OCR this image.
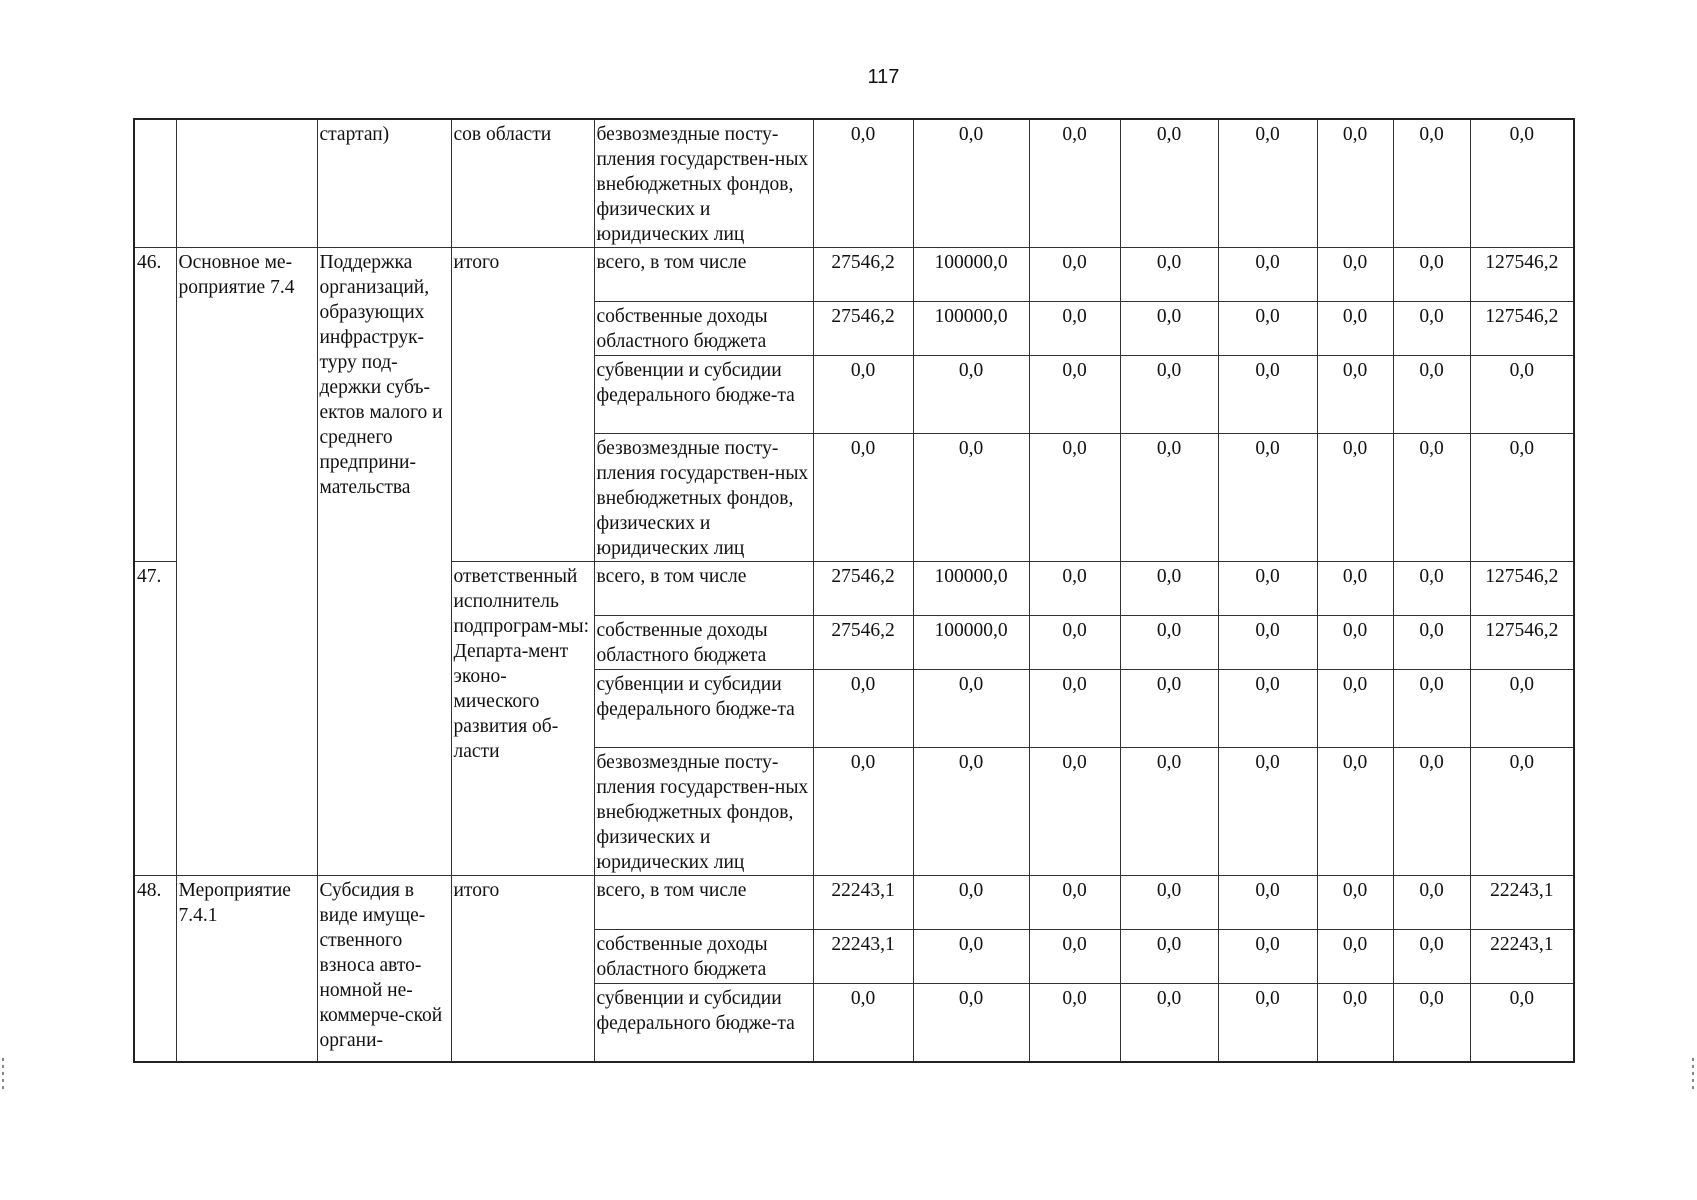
117
		стартап)	сов области	безвозмездные посту-пления государствен-ных внебюджетных фондов, физических и юридических лиц	0,0	0,0	0,0	0,0	0,0	0,0	0,0	0,0
46.	Основное ме-роприятие 7.4	Поддержка организаций, образующих инфраструк-туру под-держки субъ-ектов малого и среднего предприни-мательства	итого	всего, в том числе	27546,2	100000,0	0,0	0,0	0,0	0,0	0,0	127546,2
				собственные доходы областного бюджета	27546,2	100000,0	0,0	0,0	0,0	0,0	0,0	127546,2
				субвенции и субсидии федерального бюдже-та	0,0	0,0	0,0	0,0	0,0	0,0	0,0	0,0
				безвозмездные посту-пления государствен-ных внебюджетных фондов, физических и юридических лиц	0,0	0,0	0,0	0,0	0,0	0,0	0,0	0,0
47.			ответственный исполнитель подпрограм-мы: Департа-мент эконо-мического развития об-ласти	всего, в том числе	27546,2	100000,0	0,0	0,0	0,0	0,0	0,0	127546,2
				собственные доходы областного бюджета	27546,2	100000,0	0,0	0,0	0,0	0,0	0,0	127546,2
				субвенции и субсидии федерального бюдже-та	0,0	0,0	0,0	0,0	0,0	0,0	0,0	0,0
				безвозмездные посту-пления государствен-ных внебюджетных фондов, физических и юридических лиц	0,0	0,0	0,0	0,0	0,0	0,0	0,0	0,0
48.	Мероприятие 7.4.1	Субсидия в виде имуще-ственного взноса авто-номной не-коммерче-ской органи-	итого	всего, в том числе	22243,1	0,0	0,0	0,0	0,0	0,0	0,0	22243,1
				собственные доходы областного бюджета	22243,1	0,0	0,0	0,0	0,0	0,0	0,0	22243,1
				субвенции и субсидии федерального бюдже-та	0,0	0,0	0,0	0,0	0,0	0,0	0,0	0,0
